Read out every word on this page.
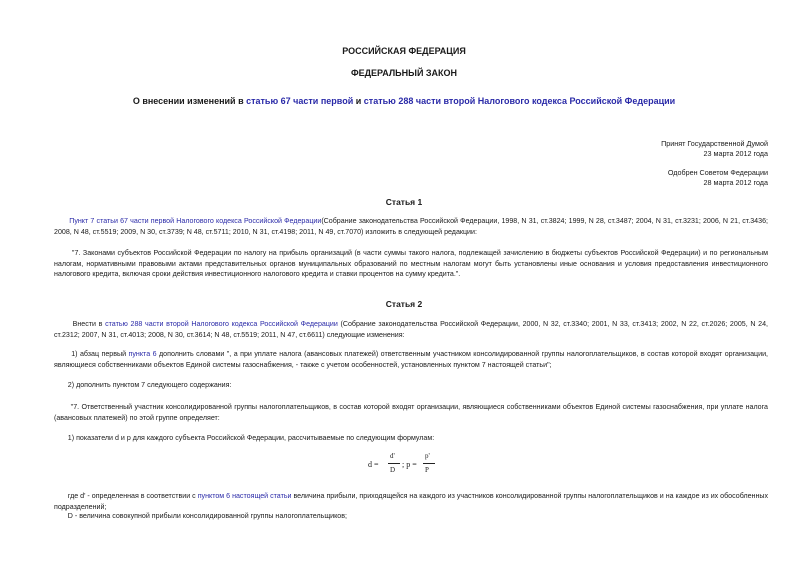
РОССИЙСКАЯ ФЕДЕРАЦИЯ
ФЕДЕРАЛЬНЫЙ ЗАКОН
О внесении изменений в статью 67 части первой и статью 288 части второй Налогового кодекса Российской Федерации
Принят Государственной Думой
23 марта 2012 года
Одобрен Советом Федерации
28 марта 2012 года
Статья 1
Пункт 7 статьи 67 части первой Налогового кодекса Российской Федерации(Собрание законодательства Российской Федерации, 1998, N 31, ст.3824; 1999, N 28, ст.3487; 2004, N 31, ст.3231; 2006, N 21, ст.3436; 2008, N 48, ст.5519; 2009, N 30, ст.3739; N 48, ст.5711; 2010, N 31, ст.4198; 2011, N 49, ст.7070) изложить в следующей редакции:
"7. Законами субъектов Российской Федерации по налогу на прибыль организаций (в части суммы такого налога, подлежащей зачислению в бюджеты субъектов Российской Федерации) и по региональным налогам, нормативными правовыми актами представительных органов муниципальных образований по местным налогам могут быть установлены иные основания и условия предоставления инвестиционного налогового кредита, включая сроки действия инвестиционного налогового кредита и ставки процентов на сумму кредита.".
Статья 2
Внести в статью 288 части второй Налогового кодекса Российской Федерации (Собрание законодательства Российской Федерации, 2000, N 32, ст.3340; 2001, N 33, ст.3413; 2002, N 22, ст.2026; 2005, N 24, ст.2312; 2007, N 31, ст.4013; 2008, N 30, ст.3614; N 48, ст.5519; 2011, N 47, ст.6611) следующие изменения:
1) абзац первый пункта 6 дополнить словами ", а при уплате налога (авансовых платежей) ответственным участником консолидированной группы налогоплательщиков, в состав которой входят организации, являющиеся собственниками объектов Единой системы газоснабжения, - также с учетом особенностей, установленных пунктом 7 настоящей статьи";
2) дополнить пунктом 7 следующего содержания:
"7. Ответственный участник консолидированной группы налогоплательщиков, в состав которой входят организации, являющиеся собственниками объектов Единой системы газоснабжения, при уплате налога (авансовых платежей) по этой группе определяет:
1) показатели d и p для каждого субъекта Российской Федерации, рассчитываемые по следующим формулам:
d =
d'
D
; p =
p'
P
где d' - определенная в соответствии с пунктом 6 настоящей статьи величина прибыли, приходящейся на каждого из участников консолидированной группы налогоплательщиков и на каждое из их обособленных подразделений;
D - величина совокупной прибыли консолидированной группы налогоплательщиков;
